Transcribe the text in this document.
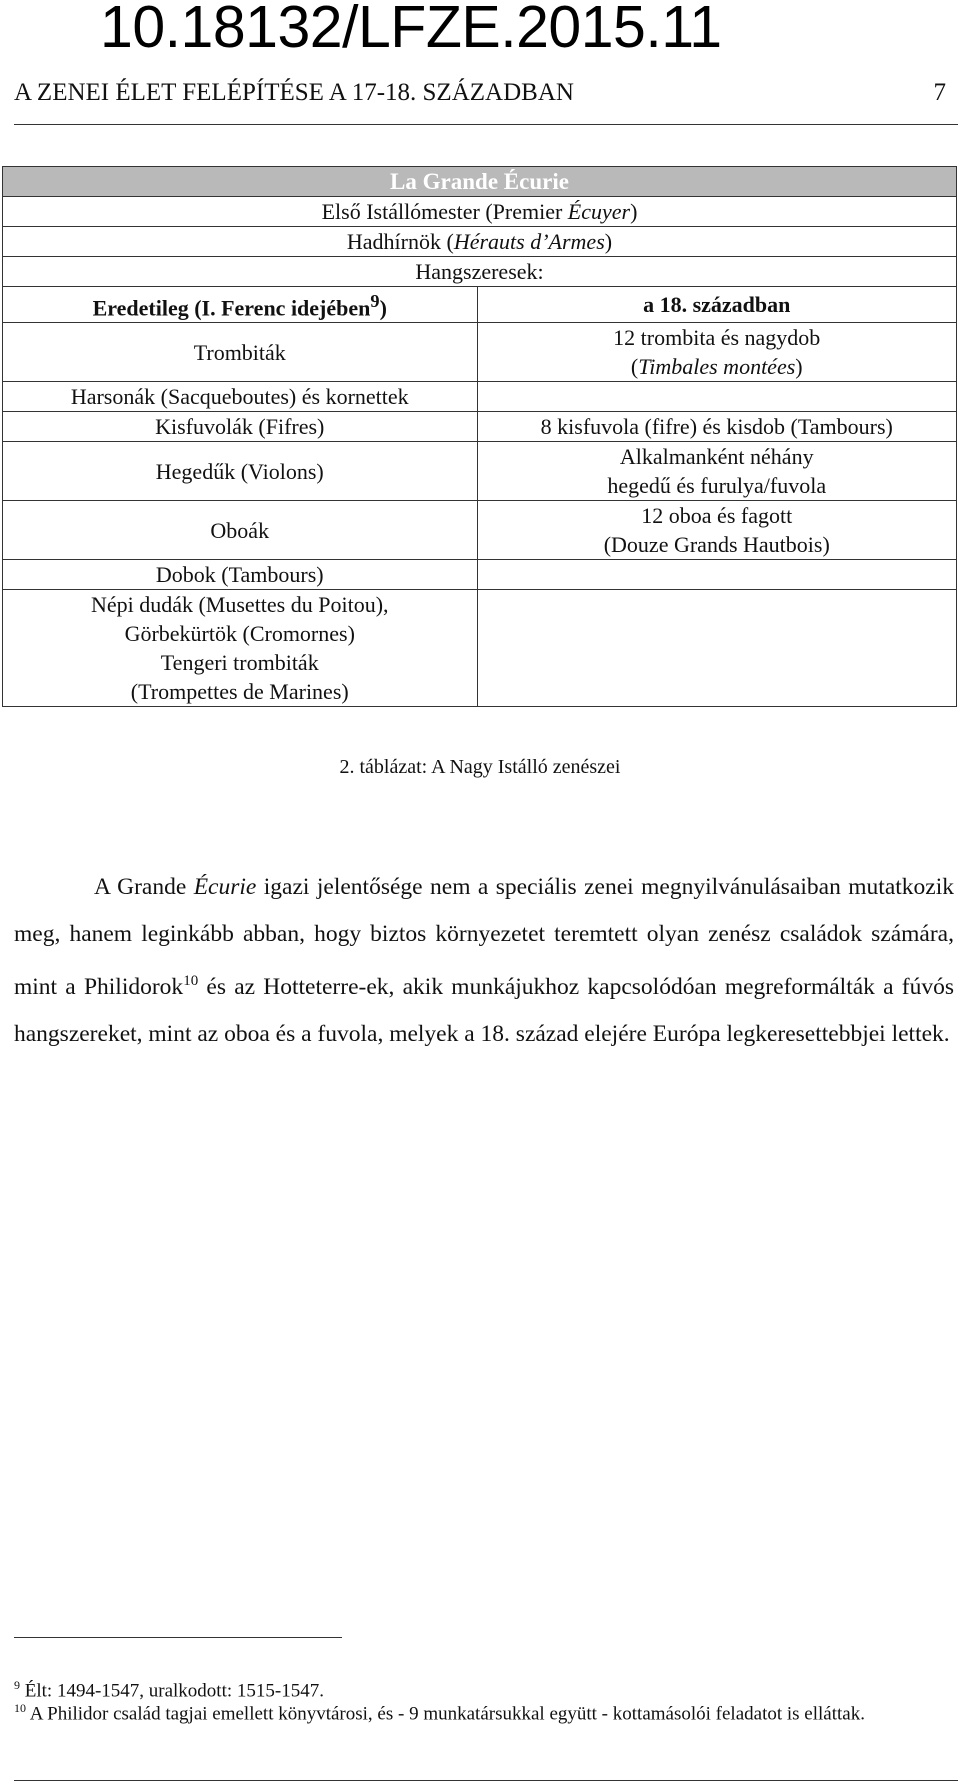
10.18132/LFZE.2015.11
A ZENEI ÉLET FELÉPÍTÉSE A 17-18. SZÁZADBAN	7
La Grande Écurie	
Első Istállómester (Premier Écuyer)	
Hadhírnök (Hérauts d’Armes)	
Hangszeresek:	
Eredetileg (I. Ferenc idejében$^9$)	a 18. században
Trombiták	12 trombita és nagydob
(Timbales montées)

Harsonák (Sacqueboutes) és kornettek	
Kisfuvolák (Fifres)	8 kisfuvola (fifre) és kisdob (Tambours)
Hegedűk (Violons)	Alkalmanként néhány
hegedű és furulya/fuvola

Oboák	12 oboa és fagott
(Douze Grands Hautbois)

Dobok (Tambours)	

Népi dudák (Musettes du Poitou),
Görbekürtök (Cromornes)
Tengeri trombiták
(Trompettes de Marines)	

2. táblázat: A Nagy Istálló zenészei
A Grande Écurie igazi jelentősége nem a speciális zenei megnyilvánulásaiban mutatkozik meg, hanem leginkább abban, hogy biztos környezetet teremtett olyan zenész családok számára, mint a Philidorok$^{10}$ és az Hotteterre-ek, akik munkájukhoz kapcsolódóan megreformálták a fúvós hangszereket, mint az oboa és a fuvola, melyek a 18. század elejére Európa legkeresettebbjei lettek.
$^9$ Élt: 1494-1547, uralkodott: 1515-1547.
$^{10}$ A Philidor család tagjai emellett könyvtárosi, és - 9 munkatársukkal együtt - kottamásolói feladatot is elláttak.
